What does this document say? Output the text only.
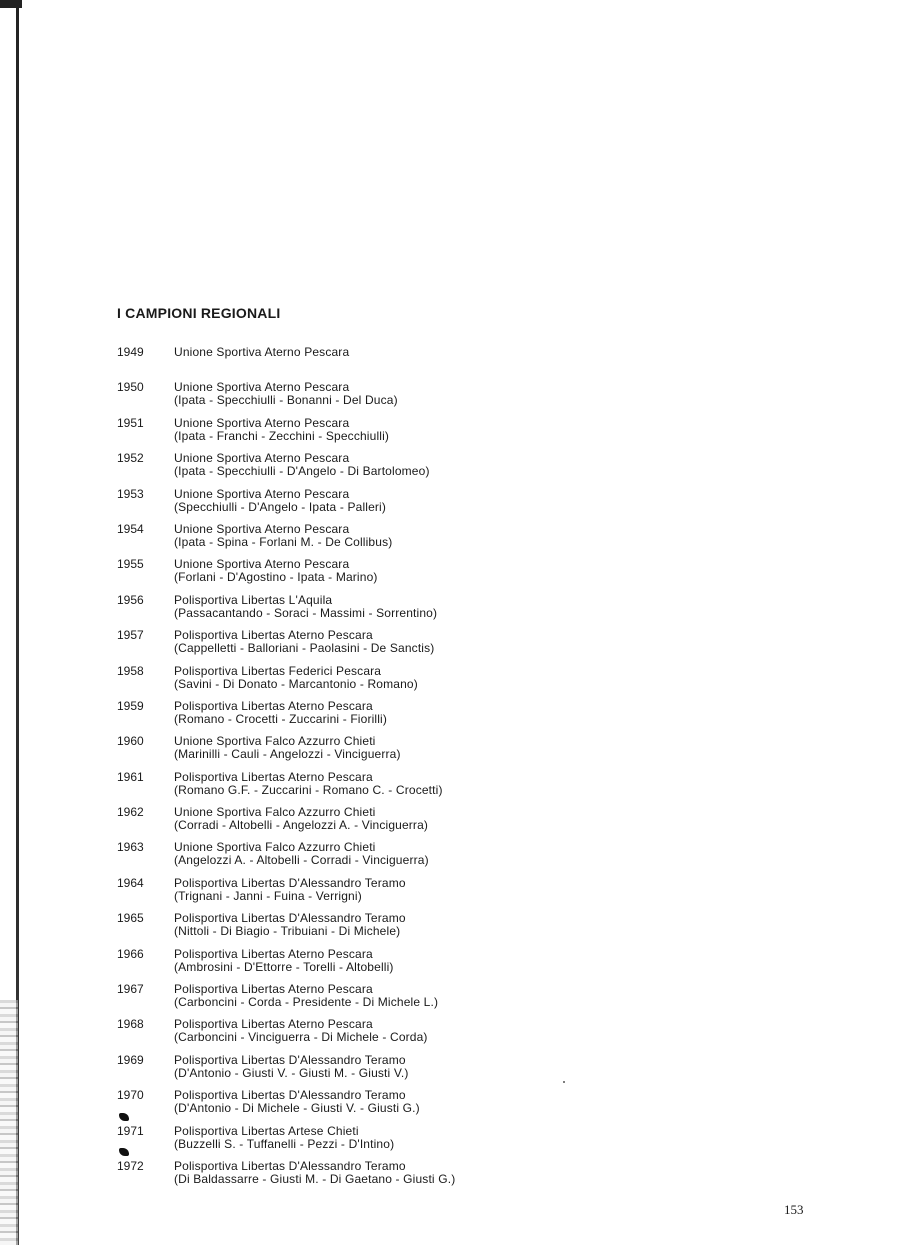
I CAMPIONI REGIONALI
1949	Unione Sportiva Aterno Pescara
1950	Unione Sportiva Aterno Pescara
(Ipata - Specchiulli - Bonanni - Del Duca)
1951	Unione Sportiva Aterno Pescara
(Ipata - Franchi - Zecchini - Specchiulli)
1952	Unione Sportiva Aterno Pescara
(Ipata - Specchiulli - D'Angelo - Di Bartolomeo)
1953	Unione Sportiva Aterno Pescara
(Specchiulli - D'Angelo - Ipata - Palleri)
1954	Unione Sportiva Aterno Pescara
(Ipata - Spina - Forlani M. - De Collibus)
1955	Unione Sportiva Aterno Pescara
(Forlani - D'Agostino - Ipata - Marino)
1956	Polisportiva Libertas L'Aquila
(Passacantando - Soraci - Massimi - Sorrentino)
1957	Polisportiva Libertas Aterno Pescara
(Cappelletti - Balloriani - Paolasini - De Sanctis)
1958	Polisportiva Libertas Federici Pescara
(Savini - Di Donato - Marcantonio - Romano)
1959	Polisportiva Libertas Aterno Pescara
(Romano - Crocetti - Zuccarini - Fiorilli)
1960	Unione Sportiva Falco Azzurro Chieti
(Marinilli - Cauli - Angelozzi - Vinciguerra)
1961	Polisportiva Libertas Aterno Pescara
(Romano G.F. - Zuccarini - Romano C. - Crocetti)
1962	Unione Sportiva Falco Azzurro Chieti
(Corradi - Altobelli - Angelozzi A. - Vinciguerra)
1963	Unione Sportiva Falco Azzurro Chieti
(Angelozzi A. - Altobelli - Corradi - Vinciguerra)
1964	Polisportiva Libertas D'Alessandro Teramo
(Trignani - Janni - Fuina - Verrigni)
1965	Polisportiva Libertas D'Alessandro Teramo
(Nittoli - Di Biagio - Tribuiani - Di Michele)
1966	Polisportiva Libertas Aterno Pescara
(Ambrosini - D'Ettorre - Torelli - Altobelli)
1967	Polisportiva Libertas Aterno Pescara
(Carboncini - Corda - Presidente - Di Michele L.)
1968	Polisportiva Libertas Aterno Pescara
(Carboncini - Vinciguerra - Di Michele - Corda)
1969	Polisportiva Libertas D'Alessandro Teramo
(D'Antonio - Giusti V. - Giusti M. - Giusti V.)
1970	Polisportiva Libertas D'Alessandro Teramo
(D'Antonio - Di Michele - Giusti V. - Giusti G.)
1971	Polisportiva Libertas Artese Chieti
(Buzzelli S. - Tuffanelli - Pezzi - D'Intino)
1972	Polisportiva Libertas D'Alessandro Teramo
(Di Baldassarre - Giusti M. - Di Gaetano - Giusti G.)
153
